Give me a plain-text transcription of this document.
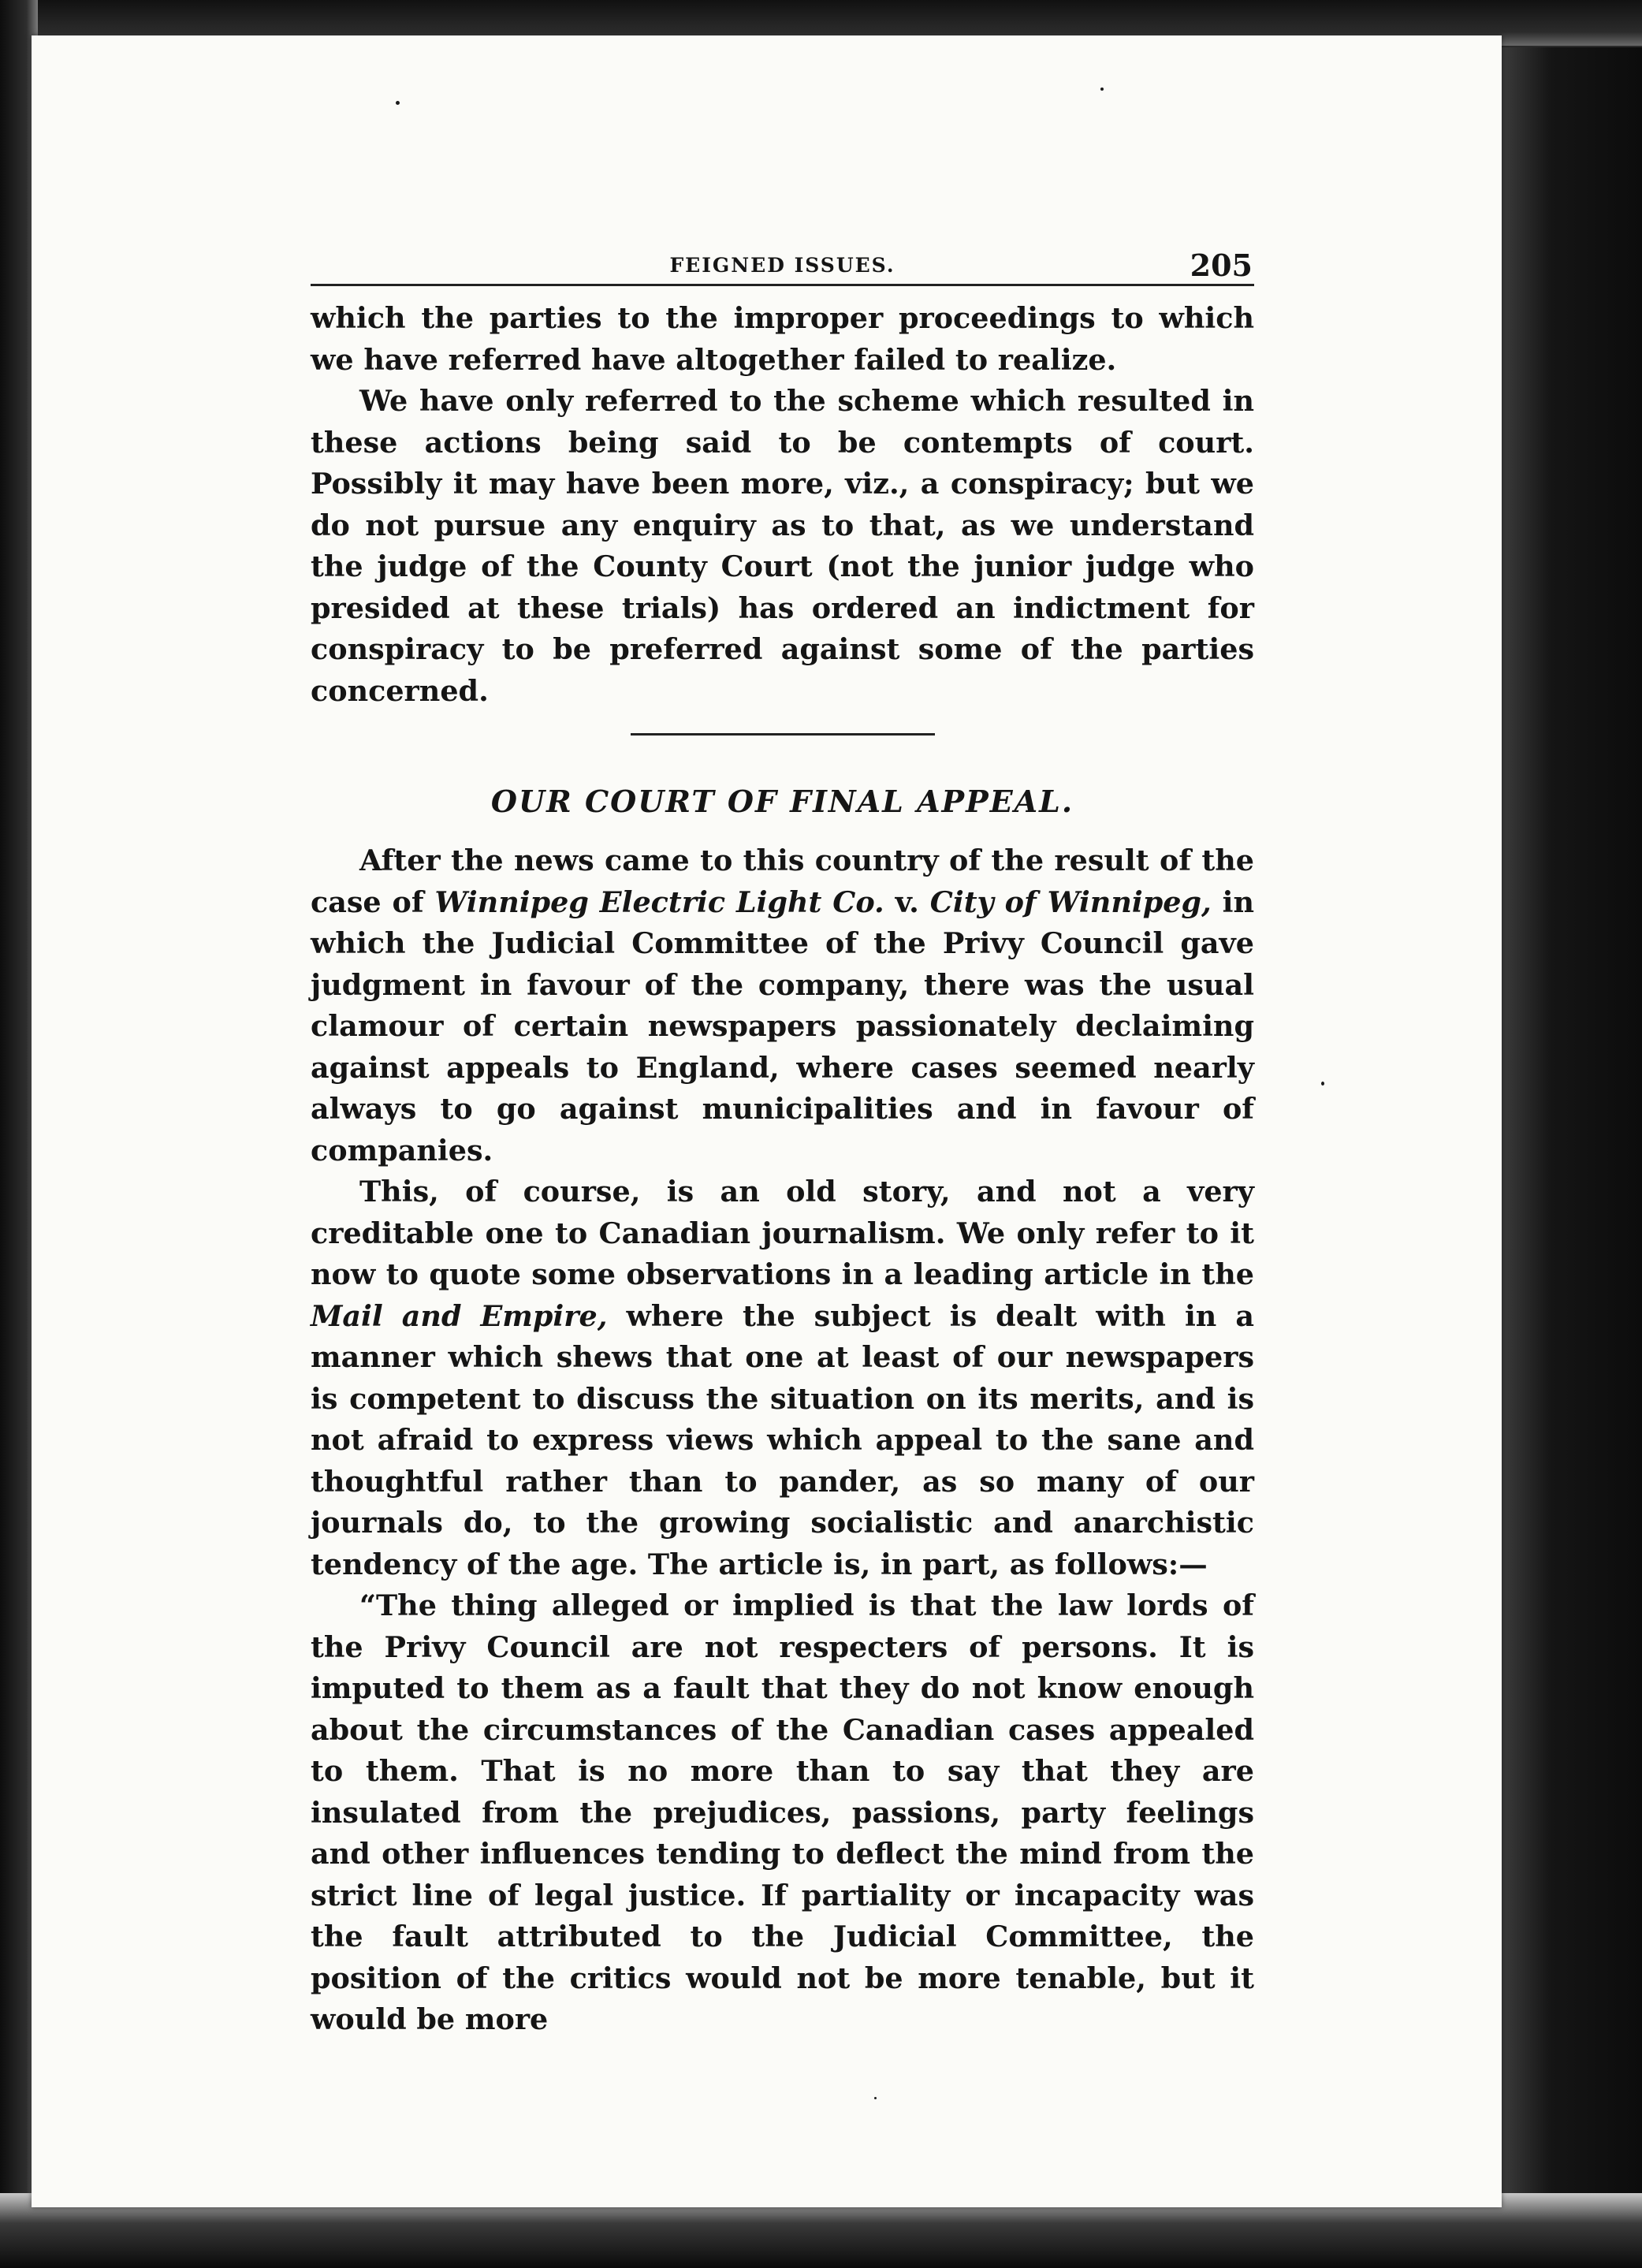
FEIGNED ISSUES.	205

which the parties to the improper proceedings to which we have referred have altogether failed to realize.

We have only referred to the scheme which resulted in these actions being said to be contempts of court. Possibly it may have been more, viz., a conspiracy; but we do not pursue any enquiry as to that, as we understand the judge of the County Court (not the junior judge who presided at these trials) has ordered an indictment for conspiracy to be preferred against some of the parties concerned.

OUR COURT OF FINAL APPEAL.

After the news came to this country of the result of the case of Winnipeg Electric Light Co. v. City of Winnipeg, in which the Judicial Committee of the Privy Council gave judgment in favour of the company, there was the usual clamour of certain newspapers passionately declaiming against appeals to England, where cases seemed nearly always to go against municipalities and in favour of companies.

This, of course, is an old story, and not a very creditable one to Canadian journalism. We only refer to it now to quote some observations in a leading article in the Mail and Empire, where the subject is dealt with in a manner which shews that one at least of our newspapers is competent to discuss the situation on its merits, and is not afraid to express views which appeal to the sane and thoughtful rather than to pander, as so many of our journals do, to the growing socialistic and anarchistic tendency of the age. The article is, in part, as follows:—

“The thing alleged or implied is that the law lords of the Privy Council are not respecters of persons. It is imputed to them as a fault that they do not know enough about the circumstances of the Canadian cases appealed to them. That is no more than to say that they are insulated from the prejudices, passions, party feelings and other influences tending to deflect the mind from the strict line of legal justice. If partiality or incapacity was the fault attributed to the Judicial Committee, the position of the critics would not be more tenable, but it would be more
